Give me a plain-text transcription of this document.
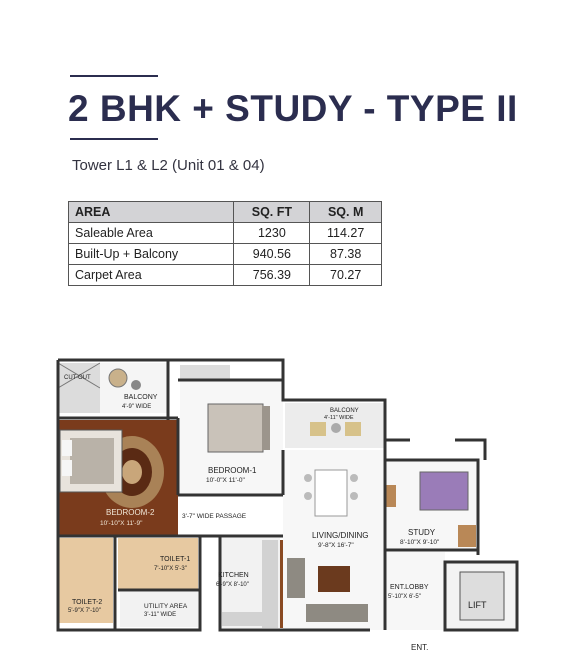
2 BHK + STUDY - TYPE II
Tower L1 & L2 (Unit 01 & 04)
AREA	SQ. FT	SQ. M
Saleable Area	1230	114.27
Built-Up + Balcony	940.56	87.38
Carpet Area	756.39	70.27
CUT-OUT
BALCONY
4'-9" WIDE
BALCONY
4'-11" WIDE
BEDROOM-1
10'-0"X 11'-0"
BEDROOM-2
10'-10"X 11'-9"
3'-7" WIDE PASSAGE
LIVING/DINING
9'-8"X 16'-7"
STUDY
8'-10"X 9'-10"
TOILET-1
7'-10"X 5'-3"
TOILET-2
5'-9"X 7'-10"
KITCHEN
6'-9"X 8'-10"
UTILITY AREA
3'-11" WIDE
ENT.LOBBY
5'-10"X 6'-5"
LIFT
ENT.
